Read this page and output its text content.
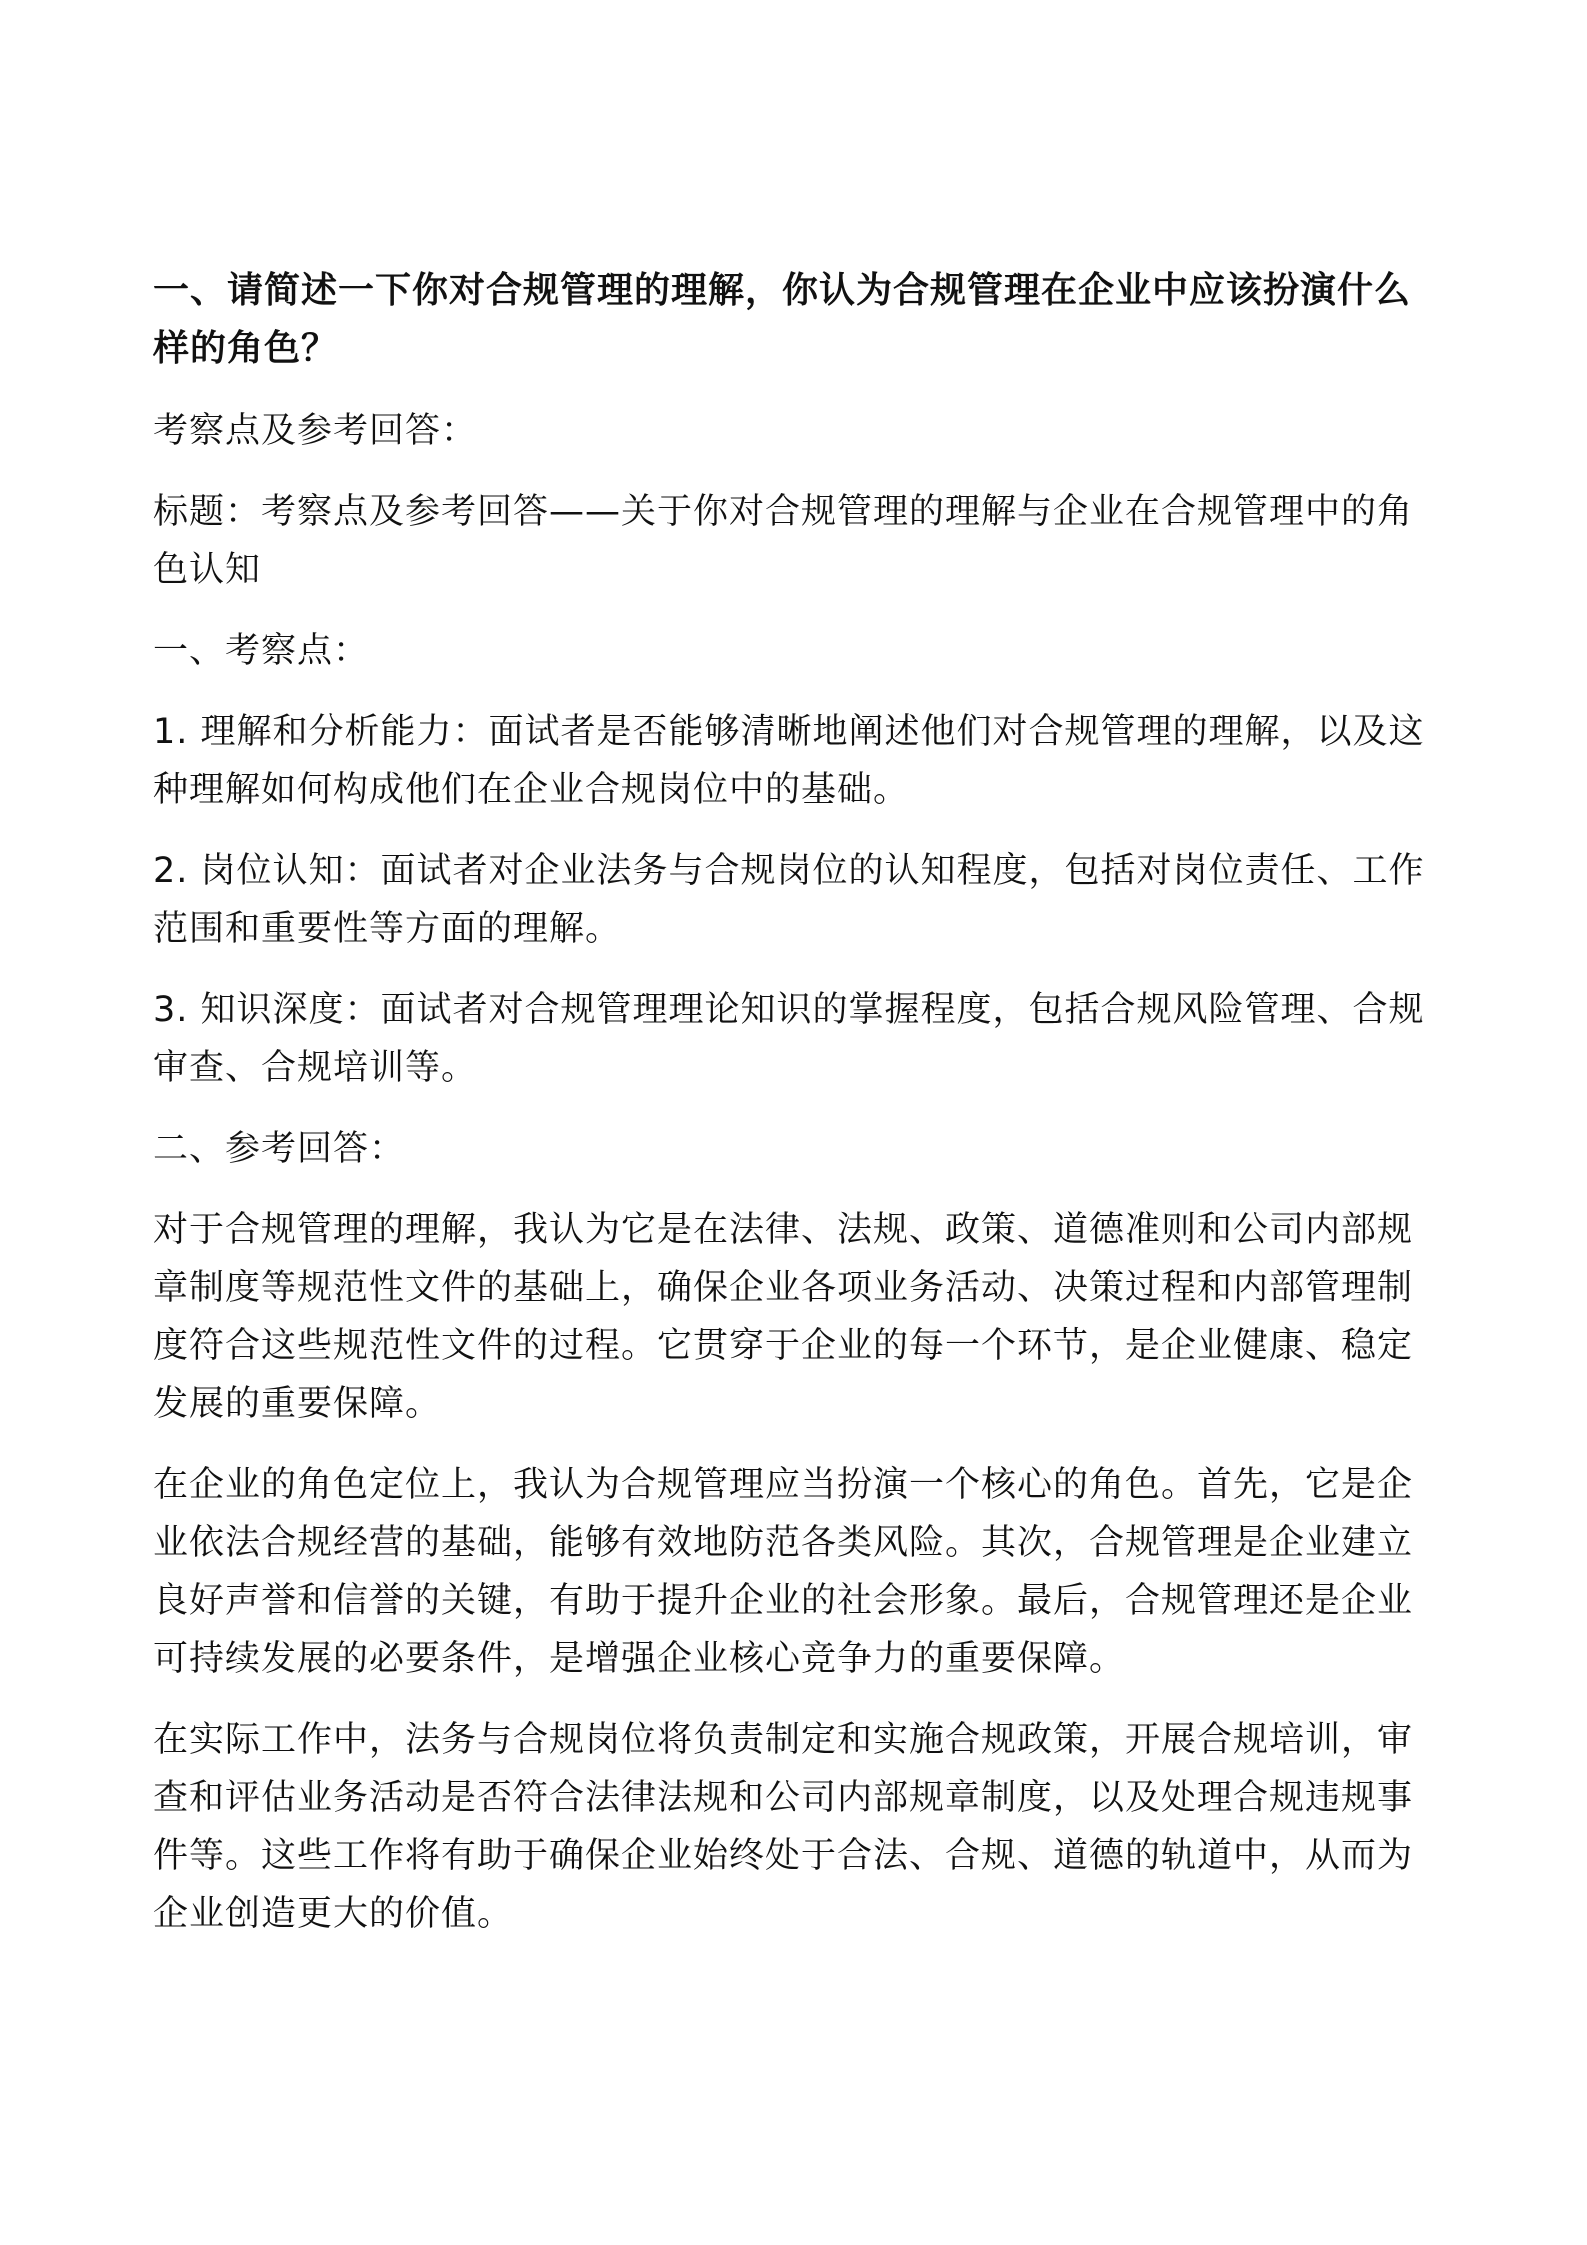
一、请简述一下你对合规管理的理解，你认为合规管理在企业中应该扮演什么样的角色？

考察点及参考回答：

标题：考察点及参考回答——关于你对合规管理的理解与企业在合规管理中的角色认知

一、考察点：

1. 理解和分析能力：面试者是否能够清晰地阐述他们对合规管理的理解，以及这种理解如何构成他们在企业合规岗位中的基础。

2. 岗位认知：面试者对企业法务与合规岗位的认知程度，包括对岗位责任、工作范围和重要性等方面的理解。

3. 知识深度：面试者对合规管理理论知识的掌握程度，包括合规风险管理、合规审查、合规培训等。

二、参考回答：

对于合规管理的理解，我认为它是在法律、法规、政策、道德准则和公司内部规章制度等规范性文件的基础上，确保企业各项业务活动、决策过程和内部管理制度符合这些规范性文件的过程。它贯穿于企业的每一个环节，是企业健康、稳定发展的重要保障。

在企业的角色定位上，我认为合规管理应当扮演一个核心的角色。首先，它是企业依法合规经营的基础，能够有效地防范各类风险。其次，合规管理是企业建立良好声誉和信誉的关键，有助于提升企业的社会形象。最后，合规管理还是企业可持续发展的必要条件，是增强企业核心竞争力的重要保障。

在实际工作中，法务与合规岗位将负责制定和实施合规政策，开展合规培训，审查和评估业务活动是否符合法律法规和公司内部规章制度，以及处理合规违规事件等。这些工作将有助于确保企业始终处于合法、合规、道德的轨道中，从而为企业创造更大的价值。
